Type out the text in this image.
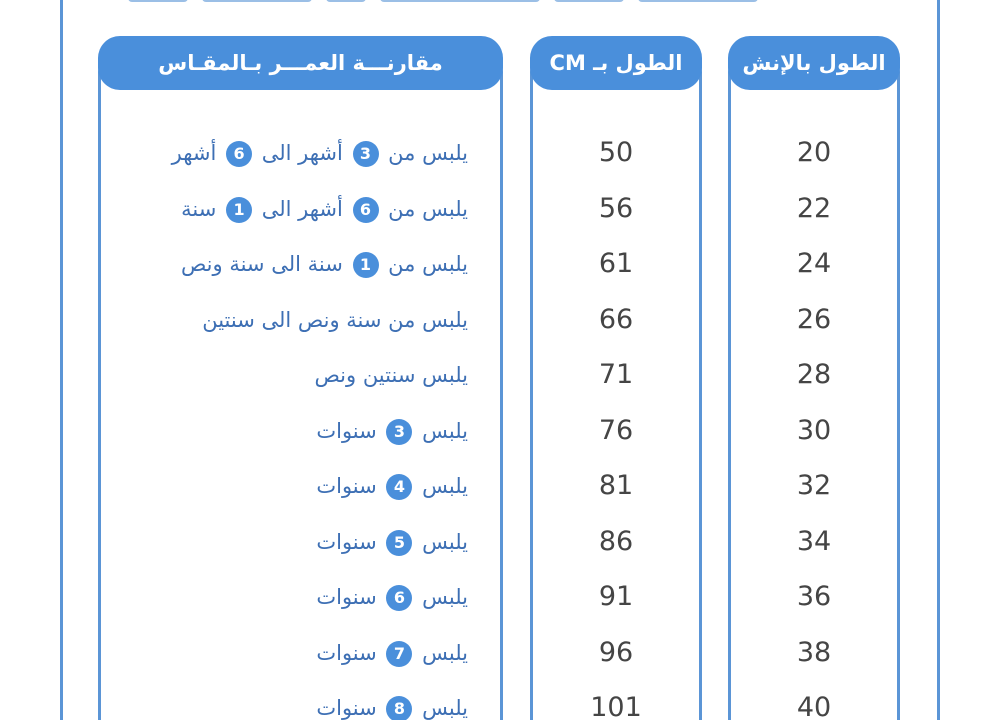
الطول بالإنش
20
22
24
26
28
30
32
34
36
38
40
الطول بـ CM
50
56
61
66
71
76
81
86
91
96
101
مقارنـــة العمـــر بـالمقـاس
يلبس من 3 أشهر الى 6 أشهر
يلبس من 6 أشهر الى 1 سنة
يلبس من 1 سنة الى سنة ونص
يلبس من سنة ونص الى سنتين
يلبس سنتين ونص
يلبس 3 سنوات
يلبس 4 سنوات
يلبس 5 سنوات
يلبس 6 سنوات
يلبس 7 سنوات
يلبس 8 سنوات
